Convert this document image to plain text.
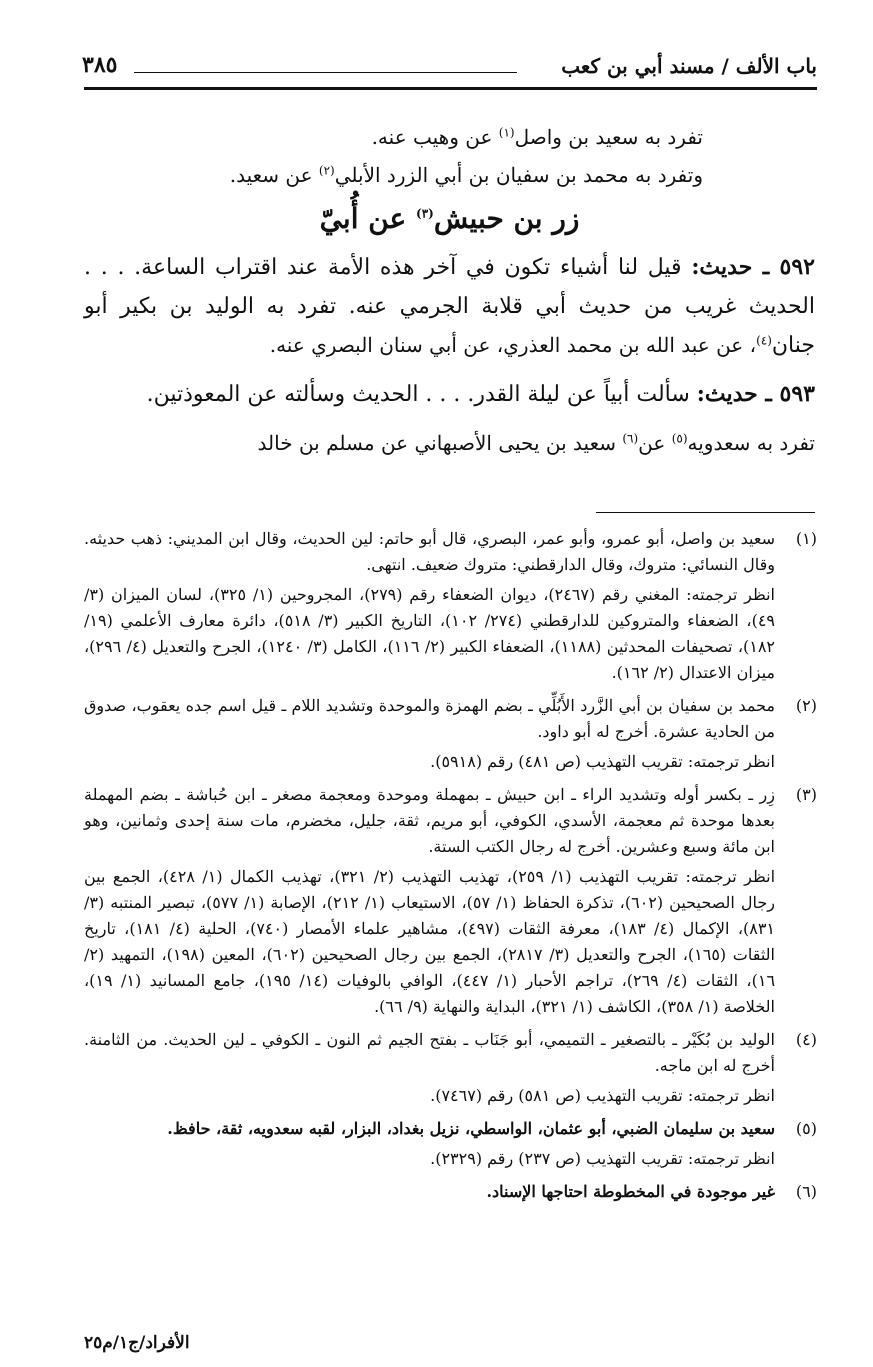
باب الألف / مسند أبي بن كعب
٣٨٥

تفرد به سعيد بن واصل$^{(١)}$ عن وهيب عنه.

وتفرد به محمد بن سفيان بن أبي الزرد الأبلي$^{(٢)}$ عن سعيد.

زر بن حبيش$^{(٣)}$ عن أُبيّ

٥٩٢ ـ حديث: قيل لنا أشياء تكون في آخر هذه الأمة عند اقتراب الساعة. . . . الحديث غريب من حديث أبي قلابة الجرمي عنه. تفرد به الوليد بن بكير أبو جنان$^{(٤)}$، عن عبد الله بن محمد العذري، عن أبي سنان البصري عنه.

٥٩٣ ـ حديث: سألت أبياً عن ليلة القدر. . . . الحديث وسألته عن المعوذتين.

تفرد به سعدويه$^{(٥)}$ عن$^{(٦)}$ سعيد بن يحيى الأصبهاني عن مسلم بن خالد

(١)

سعيد بن واصل، أبو عمرو، وأبو عمر، البصري، قال أبو حاتم: لين الحديث، وقال ابن المديني: ذهب حديثه. وقال النسائي: متروك، وقال الدارقطني: متروك ضعيف. انتهى.

انظر ترجمته: المغني رقم (٢٤٦٧)، ديوان الضعفاء رقم (٢٧٩)، المجروحين (١/ ٣٢٥)، لسان الميزان (٣/ ٤٩)، الضعفاء والمتروكين للدارقطني (٢٧٤/ ١٠٢)، التاريخ الكبير (٣/ ٥١٨)، دائرة معارف الأعلمي (١٩/ ١٨٢)، تصحيفات المحدثين (١١٨٨)، الضعفاء الكبير (٢/ ١١٦)، الكامل (٣/ ١٢٤٠)، الجرح والتعديل (٤/ ٢٩٦)، ميزان الاعتدال (٢/ ١٦٢).

(٢)

محمد بن سفيان بن أبي الزَّرد الأَبُلِّي ـ بضم الهمزة والموحدة وتشديد اللام ـ قيل اسم جده يعقوب، صدوق من الحادية عشرة. أخرج له أبو داود.

انظر ترجمته: تقريب التهذيب (ص ٤٨١) رقم (٥٩١٨).

(٣)

زِر ـ بكسر أوله وتشديد الراء ـ ابن حبيش ـ بمهملة وموحدة ومعجمة مصغر ـ ابن حُباشة ـ بضم المهملة بعدها موحدة ثم معجمة، الأسدي، الكوفي، أبو مريم، ثقة، جليل، مخضرم، مات سنة إحدى وثمانين، وهو ابن مائة وسبع وعشرين. أخرج له رجال الكتب الستة.

انظر ترجمته: تقريب التهذيب (١/ ٢٥٩)، تهذيب التهذيب (٢/ ٣٢١)، تهذيب الكمال (١/ ٤٢٨)، الجمع بين رجال الصحيحين (٦٠٢)، تذكرة الحفاظ (١/ ٥٧)، الاستيعاب (١/ ٢١٢)، الإصابة (١/ ٥٧٧)، تبصير المنتبه (٣/ ٨٣١)، الإكمال (٤/ ١٨٣)، معرفة الثقات (٤٩٧)، مشاهير علماء الأمصار (٧٤٠)، الحلية (٤/ ١٨١)، تاريخ الثقات (١٦٥)، الجرح والتعديل (٣/ ٢٨١٧)، الجمع بين رجال الصحيحين (٦٠٢)، المعين (١٩٨)، التمهيد (٢/ ١٦)، الثقات (٤/ ٢٦٩)، تراجم الأحبار (١/ ٤٤٧)، الوافي بالوفيات (١٤/ ١٩٥)، جامع المسانيد (١/ ١٩)، الخلاصة (١/ ٣٥٨)، الكاشف (١/ ٣٢١)، البداية والنهاية (٩/ ٦٦).

(٤)

الوليد بن بُكَيْر ـ بالتصغير ـ التميمي، أبو جَنَاب ـ بفتح الجيم ثم النون ـ الكوفي ـ لين الحديث. من الثامنة. أخرج له ابن ماجه.

انظر ترجمته: تقريب التهذيب (ص ٥٨١) رقم (٧٤٦٧).

(٥)

سعيد بن سليمان الضبي، أبو عثمان، الواسطي، نزيل بغداد، البزار، لقبه سعدويه، ثقة، حافظ.

انظر ترجمته: تقريب التهذيب (ص ٢٣٧) رقم (٢٣٢٩).

(٦)

غير موجودة في المخطوطة احتاجها الإسناد.

الأفراد/ج١/م٢٥
